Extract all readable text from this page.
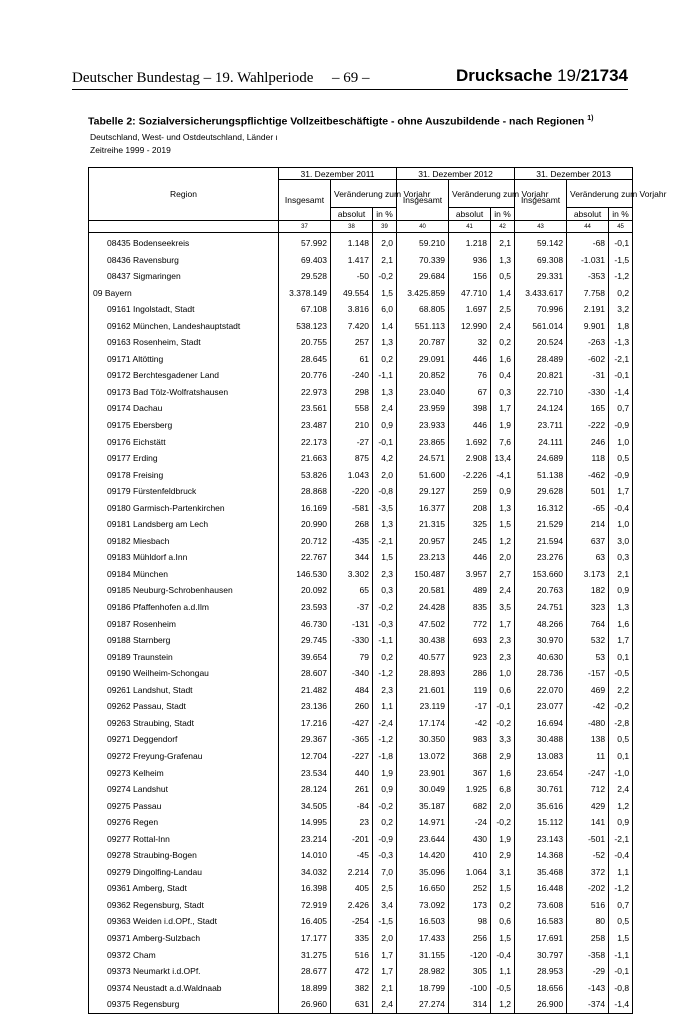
Deutscher Bundestag – 19. Wahlperiode – 69 –	Drucksache 19/21734
Tabelle 2: Sozialversicherungspflichtige Vollzeitbeschäftigte - ohne Auszubildende - nach Regionen $^{1)}$
Deutschland, West- und Ostdeutschland, Länder ι
Zeitreihe 1999 - 2019
Region	31. Dezember 2011			31. Dezember 2012			31. Dezember 2013		
	Insgesamt	Veränderung zum Vorjahr		Insgesamt	Veränderung zum Vorjahr		Insgesamt	Veränderung zum Vorjahr	
		absolut	in %		absolut	in %		absolut	in %
	37	38	39	40	41	42	43	44	45
08435 Bodenseekreis	57.992	1.148	2,0	59.210	1.218	2,1	59.142	-68	-0,1
08436 Ravensburg	69.403	1.417	2,1	70.339	936	1,3	69.308	-1.031	-1,5
08437 Sigmaringen	29.528	-50	-0,2	29.684	156	0,5	29.331	-353	-1,2
09 Bayern	3.378.149	49.554	1,5	3.425.859	47.710	1,4	3.433.617	7.758	0,2
09161 Ingolstadt, Stadt	67.108	3.816	6,0	68.805	1.697	2,5	70.996	2.191	3,2
09162 München, Landeshauptstadt	538.123	7.420	1,4	551.113	12.990	2,4	561.014	9.901	1,8
09163 Rosenheim, Stadt	20.755	257	1,3	20.787	32	0,2	20.524	-263	-1,3
09171 Altötting	28.645	61	0,2	29.091	446	1,6	28.489	-602	-2,1
09172 Berchtesgadener Land	20.776	-240	-1,1	20.852	76	0,4	20.821	-31	-0,1
09173 Bad Tölz-Wolfratshausen	22.973	298	1,3	23.040	67	0,3	22.710	-330	-1,4
09174 Dachau	23.561	558	2,4	23.959	398	1,7	24.124	165	0,7
09175 Ebersberg	23.487	210	0,9	23.933	446	1,9	23.711	-222	-0,9
09176 Eichstätt	22.173	-27	-0,1	23.865	1.692	7,6	24.111	246	1,0
09177 Erding	21.663	875	4,2	24.571	2.908	13,4	24.689	118	0,5
09178 Freising	53.826	1.043	2,0	51.600	-2.226	-4,1	51.138	-462	-0,9
09179 Fürstenfeldbruck	28.868	-220	-0,8	29.127	259	0,9	29.628	501	1,7
09180 Garmisch-Partenkirchen	16.169	-581	-3,5	16.377	208	1,3	16.312	-65	-0,4
09181 Landsberg am Lech	20.990	268	1,3	21.315	325	1,5	21.529	214	1,0
09182 Miesbach	20.712	-435	-2,1	20.957	245	1,2	21.594	637	3,0
09183 Mühldorf a.Inn	22.767	344	1,5	23.213	446	2,0	23.276	63	0,3
09184 München	146.530	3.302	2,3	150.487	3.957	2,7	153.660	3.173	2,1
09185 Neuburg-Schrobenhausen	20.092	65	0,3	20.581	489	2,4	20.763	182	0,9
09186 Pfaffenhofen a.d.Ilm	23.593	-37	-0,2	24.428	835	3,5	24.751	323	1,3
09187 Rosenheim	46.730	-131	-0,3	47.502	772	1,7	48.266	764	1,6
09188 Starnberg	29.745	-330	-1,1	30.438	693	2,3	30.970	532	1,7
09189 Traunstein	39.654	79	0,2	40.577	923	2,3	40.630	53	0,1
09190 Weilheim-Schongau	28.607	-340	-1,2	28.893	286	1,0	28.736	-157	-0,5
09261 Landshut, Stadt	21.482	484	2,3	21.601	119	0,6	22.070	469	2,2
09262 Passau, Stadt	23.136	260	1,1	23.119	-17	-0,1	23.077	-42	-0,2
09263 Straubing, Stadt	17.216	-427	-2,4	17.174	-42	-0,2	16.694	-480	-2,8
09271 Deggendorf	29.367	-365	-1,2	30.350	983	3,3	30.488	138	0,5
09272 Freyung-Grafenau	12.704	-227	-1,8	13.072	368	2,9	13.083	11	0,1
09273 Kelheim	23.534	440	1,9	23.901	367	1,6	23.654	-247	-1,0
09274 Landshut	28.124	261	0,9	30.049	1.925	6,8	30.761	712	2,4
09275 Passau	34.505	-84	-0,2	35.187	682	2,0	35.616	429	1,2
09276 Regen	14.995	23	0,2	14.971	-24	-0,2	15.112	141	0,9
09277 Rottal-Inn	23.214	-201	-0,9	23.644	430	1,9	23.143	-501	-2,1
09278 Straubing-Bogen	14.010	-45	-0,3	14.420	410	2,9	14.368	-52	-0,4
09279 Dingolfing-Landau	34.032	2.214	7,0	35.096	1.064	3,1	35.468	372	1,1
09361 Amberg, Stadt	16.398	405	2,5	16.650	252	1,5	16.448	-202	-1,2
09362 Regensburg, Stadt	72.919	2.426	3,4	73.092	173	0,2	73.608	516	0,7
09363 Weiden i.d.OPf., Stadt	16.405	-254	-1,5	16.503	98	0,6	16.583	80	0,5
09371 Amberg-Sulzbach	17.177	335	2,0	17.433	256	1,5	17.691	258	1,5
09372 Cham	31.275	516	1,7	31.155	-120	-0,4	30.797	-358	-1,1
09373 Neumarkt i.d.OPf.	28.677	472	1,7	28.982	305	1,1	28.953	-29	-0,1
09374 Neustadt a.d.Waldnaab	18.899	382	2,1	18.799	-100	-0,5	18.656	-143	-0,8
09375 Regensburg	26.960	631	2,4	27.274	314	1,2	26.900	-374	-1,4
